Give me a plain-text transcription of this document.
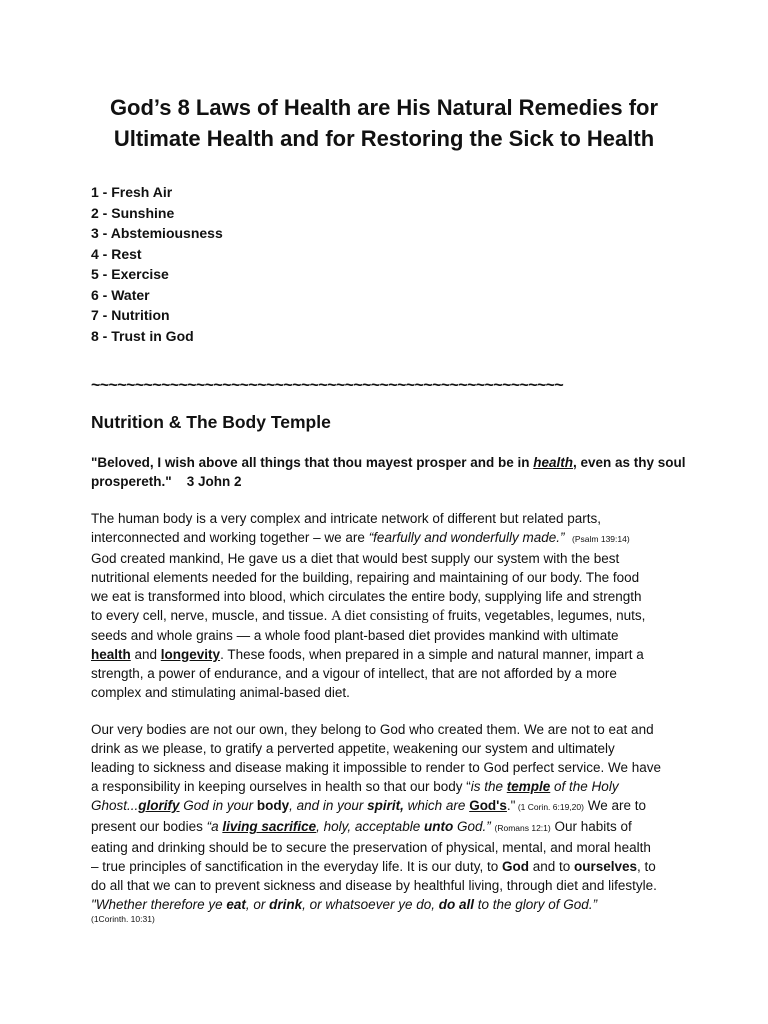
God’s 8 Laws of Health are His Natural Remedies for
Ultimate Health and for Restoring the Sick to Health
1 - Fresh Air
2 - Sunshine
3 - Abstemiousness
4 - Rest
5 - Exercise
6 - Water
7 - Nutrition
8 - Trust in God
~~~~~~~~~~~~~~~~~~~~~~~~~~~~~~~~~~~~~~~~~~~~~~~~~~~~~~
Nutrition & The Body Temple
"Beloved, I wish above all things that thou mayest prosper and be in health, even as thy soul
prospereth." 3 John 2
The human body is a very complex and intricate network of different but related parts,
interconnected and working together – we are “fearfully and wonderfully made.” (Psalm 139:14)
God created mankind, He gave us a diet that would best supply our system with the best
nutritional elements needed for the building, repairing and maintaining of our body. The food
we eat is transformed into blood, which circulates the entire body, supplying life and strength
to every cell, nerve, muscle, and tissue. A diet consisting of fruits, vegetables, legumes, nuts,
seeds and whole grains — a whole food plant-based diet provides mankind with ultimate
health and longevity. These foods, when prepared in a simple and natural manner, impart a
strength, a power of endurance, and a vigour of intellect, that are not afforded by a more
complex and stimulating animal-based diet.
Our very bodies are not our own, they belong to God who created them. We are not to eat and
drink as we please, to gratify a perverted appetite, weakening our system and ultimately
leading to sickness and disease making it impossible to render to God perfect service. We have
a responsibility in keeping ourselves in health so that our body “is the temple of the Holy
Ghost...glorify God in your body, and in your spirit, which are God's." (1 Corin. 6:19,20) We are to
present our bodies “a living sacrifice, holy, acceptable unto God.” (Romans 12:1) Our habits of
eating and drinking should be to secure the preservation of physical, mental, and moral health
– true principles of sanctification in the everyday life. It is our duty, to God and to ourselves, to
do all that we can to prevent sickness and disease by healthful living, through diet and lifestyle.
"Whether therefore ye eat, or drink, or whatsoever ye do, do all to the glory of God.”
(1Corinth. 10:31)
